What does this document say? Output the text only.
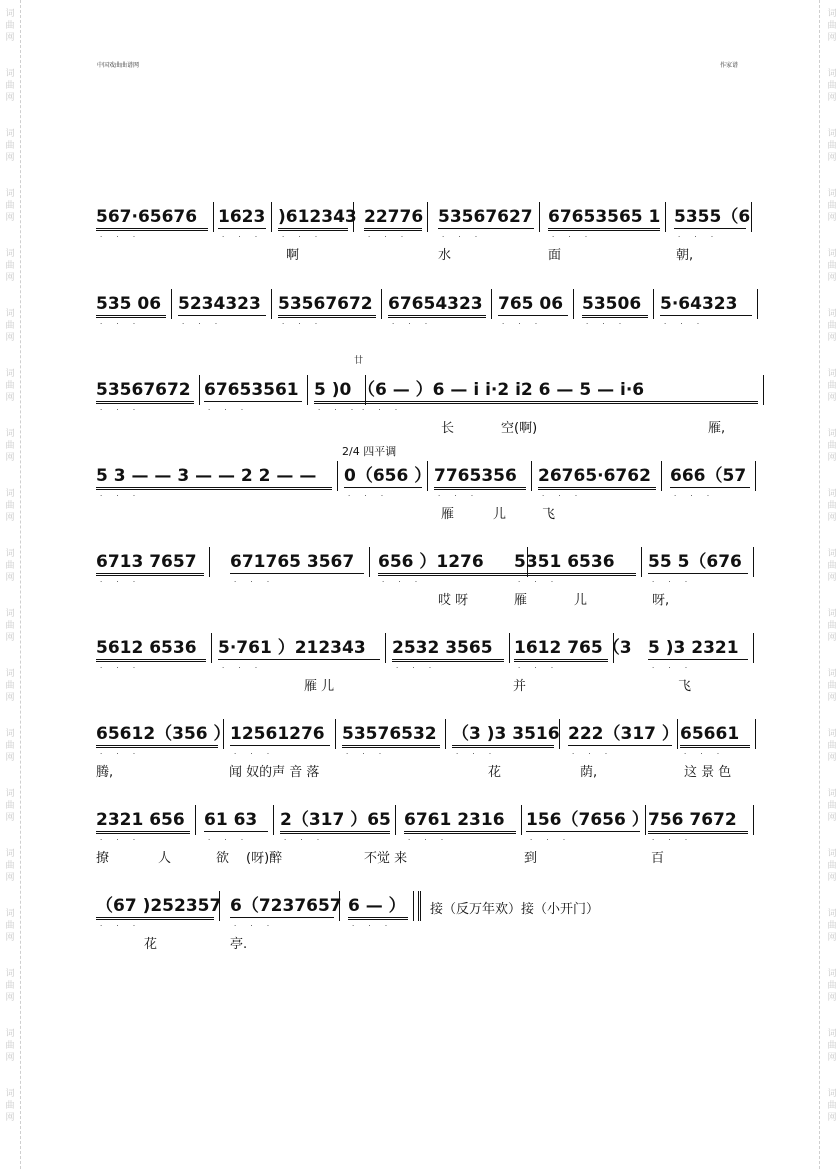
词
曲
网
词
曲
网
词
曲
网
词
曲
网
词
曲
网
词
曲
网
词
曲
网
词
曲
网
词
曲
网
词
曲
网
词
曲
网
词
曲
网
词
曲
网
词
曲
网
词
曲
网
词
曲
网
词
曲
网
词
曲
网
词
曲
网
词
曲
网
词
曲
网
词
曲
网
词
曲
网
词
曲
网
词
曲
网
词
曲
网
词
曲
网
词
曲
网
词
曲
网
词
曲
网
词
曲
网
词
曲
网
词
曲
网
词
曲
网
词
曲
网
词
曲
网
词
曲
网
词
曲
网
中国戏曲曲谱网	作家谱
567·65676
· · ·
1623
· · ·
)612343
· · ·
22776
· · ·
53567627
· · ·
67653565 1
· · ·
5355（6
· · ·
啊	水	面	朝,
535 06
· · ·
5234323
· · ·
53567672
· · ·
67654323
· · ·
765 06
· · ·
53506
· · ·
5·64323
· · ·
53567672
· · ·
67653561
· · ·
5 )0
· · ·
（6 — ）6 — i i·2 i2 6 — 5 — i·6
· · ·
长	空(啊)	雁,
廿
5 3 — — 3 — — 2 2 — —
· · ·
0（656 ）
· · ·
7765356
· · ·
26765·6762
· · ·
666（57
· · ·
雁	儿	飞
2/4 四平调
6713 7657
· · ·
671765 3567
· · ·
656 ）1276
· · ·
5351 6536
· · ·
55 5（676
· · ·
哎 呀	雁	儿	呀,
5612 6536
· · ·
5·761 ）212343
· · ·
2532 3565
· · ·
1612 765（3
· · ·
5 )3 2321
· · ·
雁 儿	并	飞
65612（356 ）
· · ·
12561276
· · ·
53576532
· · ·
（3 )3 3516
· · ·
222（317 ）
· · ·
65661
· · ·
腾,	闻 奴的声 音 落	花	荫,	这 景 色
2321 656
· · ·
61 63
· · ·
2（317 ）65
· · ·
6761 2316
· · ·
156（7656 ）
· · ·
756 7672
· · ·
撩	人	欲 (呀)醉	不觉 来	到	百
（67 )252357
· · ·
6（7237657
· · ·
6 — ）
· · ·
花	亭.
接（反万年欢）接（小开门）
